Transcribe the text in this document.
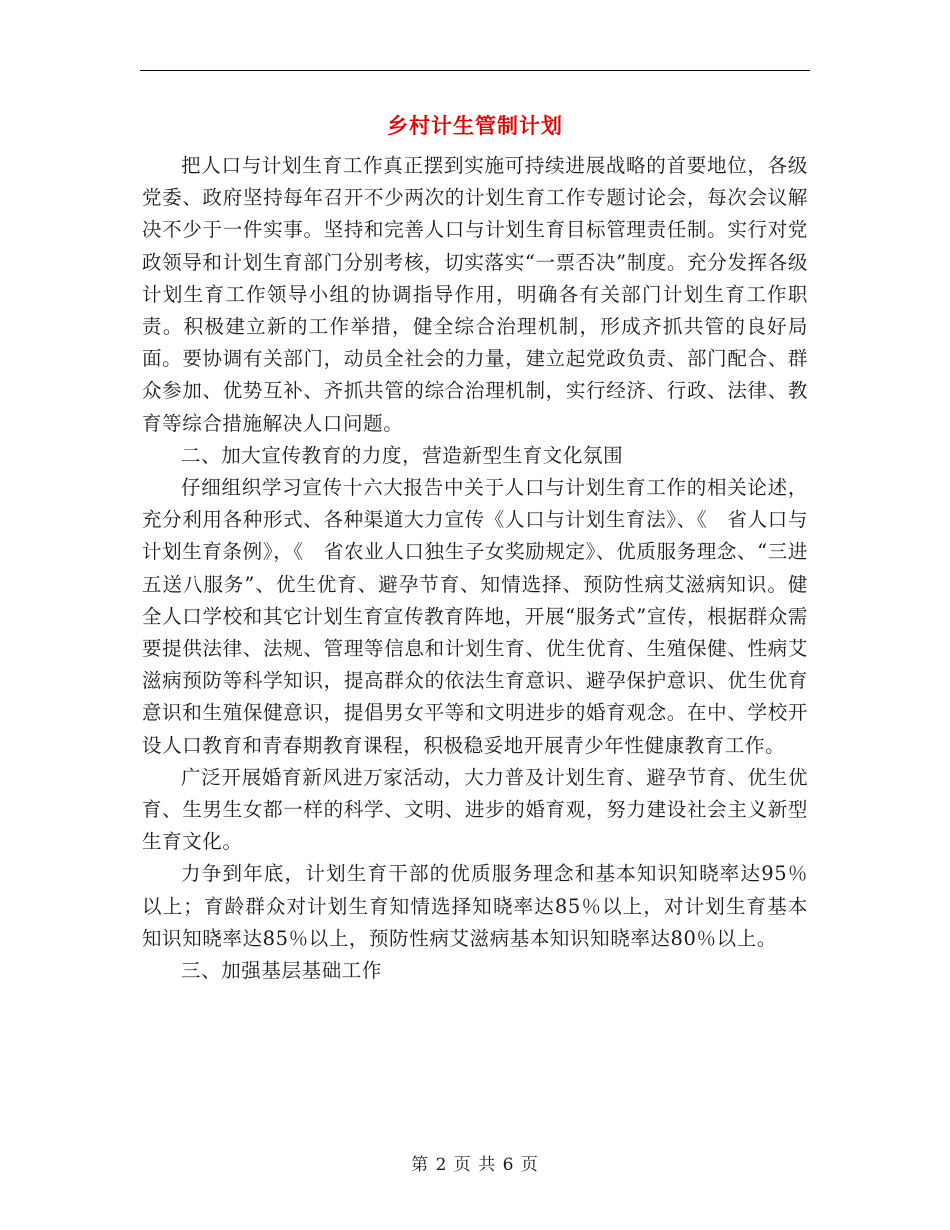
乡村计生管制计划

把人口与计划生育工作真正摆到实施可持续进展战略的首要地位，各级党委、政府坚持每年召开不少两次的计划生育工作专题讨论会，每次会议解决不少于一件实事。坚持和完善人口与计划生育目标管理责任制。实行对党政领导和计划生育部门分别考核，切实落实“一票否决”制度。充分发挥各级计划生育工作领导小组的协调指导作用，明确各有关部门计划生育工作职责。积极建立新的工作举措，健全综合治理机制，形成齐抓共管的良好局面。要协调有关部门，动员全社会的力量，建立起党政负责、部门配合、群众参加、优势互补、齐抓共管的综合治理机制，实行经济、行政、法律、教育等综合措施解决人口问题。

二、加大宣传教育的力度，营造新型生育文化氛围

仔细组织学习宣传十六大报告中关于人口与计划生育工作的相关论述，充分利用各种形式、各种渠道大力宣传《人口与计划生育法》、《　省人口与计划生育条例》，《　省农业人口独生子女奖励规定》、优质服务理念、“三进五送八服务”、优生优育、避孕节育、知情选择、预防性病艾滋病知识。健全人口学校和其它计划生育宣传教育阵地，开展“服务式”宣传，根据群众需要提供法律、法规、管理等信息和计划生育、优生优育、生殖保健、性病艾滋病预防等科学知识，提高群众的依法生育意识、避孕保护意识、优生优育意识和生殖保健意识，提倡男女平等和文明进步的婚育观念。在中、学校开设人口教育和青春期教育课程，积极稳妥地开展青少年性健康教育工作。

广泛开展婚育新风进万家活动，大力普及计划生育、避孕节育、优生优育、生男生女都一样的科学、文明、进步的婚育观，努力建设社会主义新型生育文化。

力争到年底，计划生育干部的优质服务理念和基本知识知晓率达95％以上；育龄群众对计划生育知情选择知晓率达85％以上，对计划生育基本知识知晓率达85％以上，预防性病艾滋病基本知识知晓率达80％以上。

三、加强基层基础工作

第 2 页 共 6 页
